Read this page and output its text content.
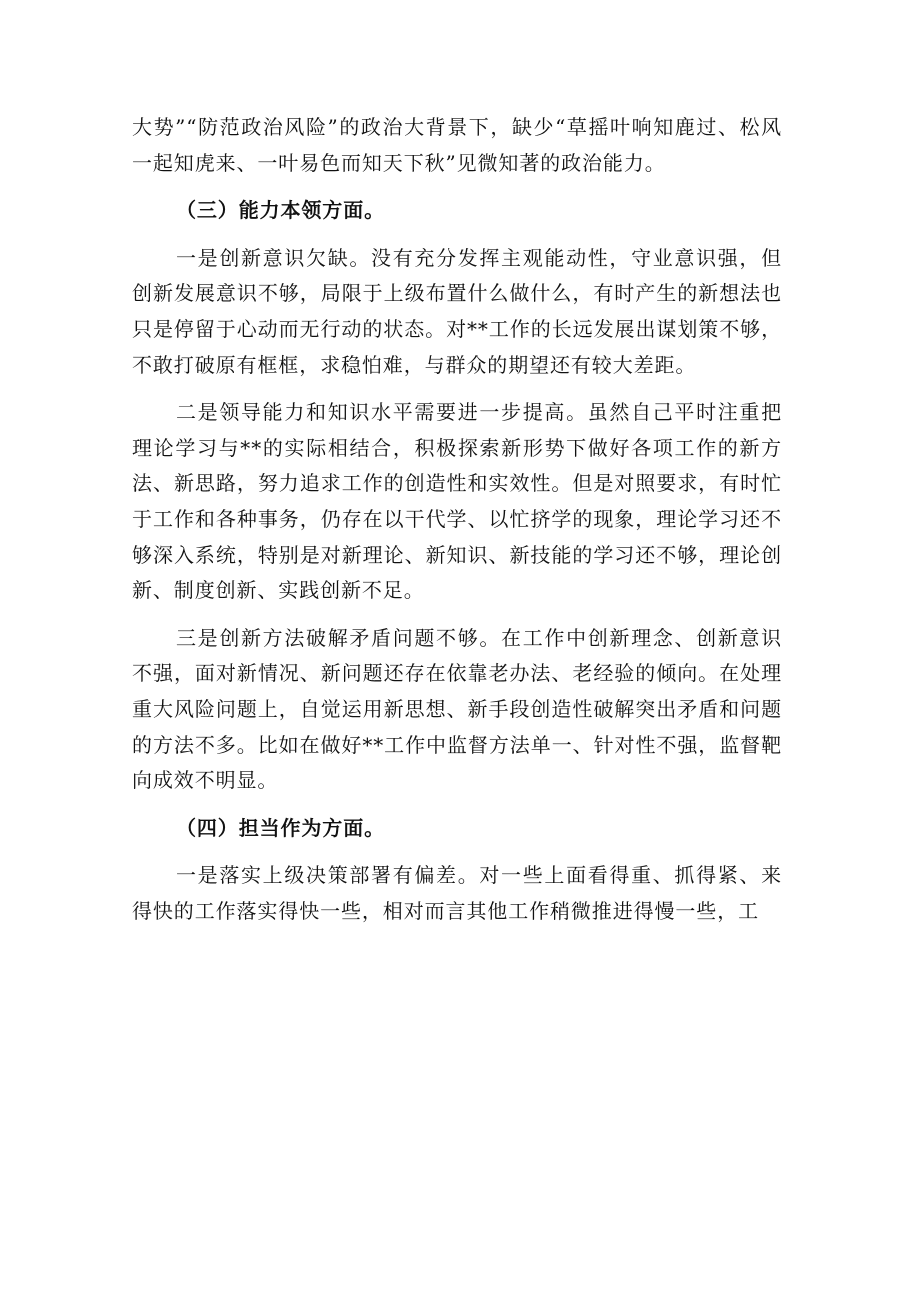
大势”“防范政治风险”的政治大背景下，缺少“草摇叶响知鹿过、松风一起知虎来、一叶易色而知天下秋”见微知著的政治能力。

（三）能力本领方面。

一是创新意识欠缺。没有充分发挥主观能动性，守业意识强，但创新发展意识不够，局限于上级布置什么做什么，有时产生的新想法也只是停留于心动而无行动的状态。对**工作的长远发展出谋划策不够，不敢打破原有框框，求稳怕难，与群众的期望还有较大差距。

二是领导能力和知识水平需要进一步提高。虽然自己平时注重把理论学习与**的实际相结合，积极探索新形势下做好各项工作的新方法、新思路，努力追求工作的创造性和实效性。但是对照要求，有时忙于工作和各种事务，仍存在以干代学、以忙挤学的现象，理论学习还不够深入系统，特别是对新理论、新知识、新技能的学习还不够，理论创新、制度创新、实践创新不足。

三是创新方法破解矛盾问题不够。在工作中创新理念、创新意识不强，面对新情况、新问题还存在依靠老办法、老经验的倾向。在处理重大风险问题上，自觉运用新思想、新手段创造性破解突出矛盾和问题的方法不多。比如在做好**工作中监督方法单一、针对性不强，监督靶向成效不明显。

（四）担当作为方面。

一是落实上级决策部署有偏差。对一些上面看得重、抓得紧、来得快的工作落实得快一些，相对而言其他工作稍微推进得慢一些，工
